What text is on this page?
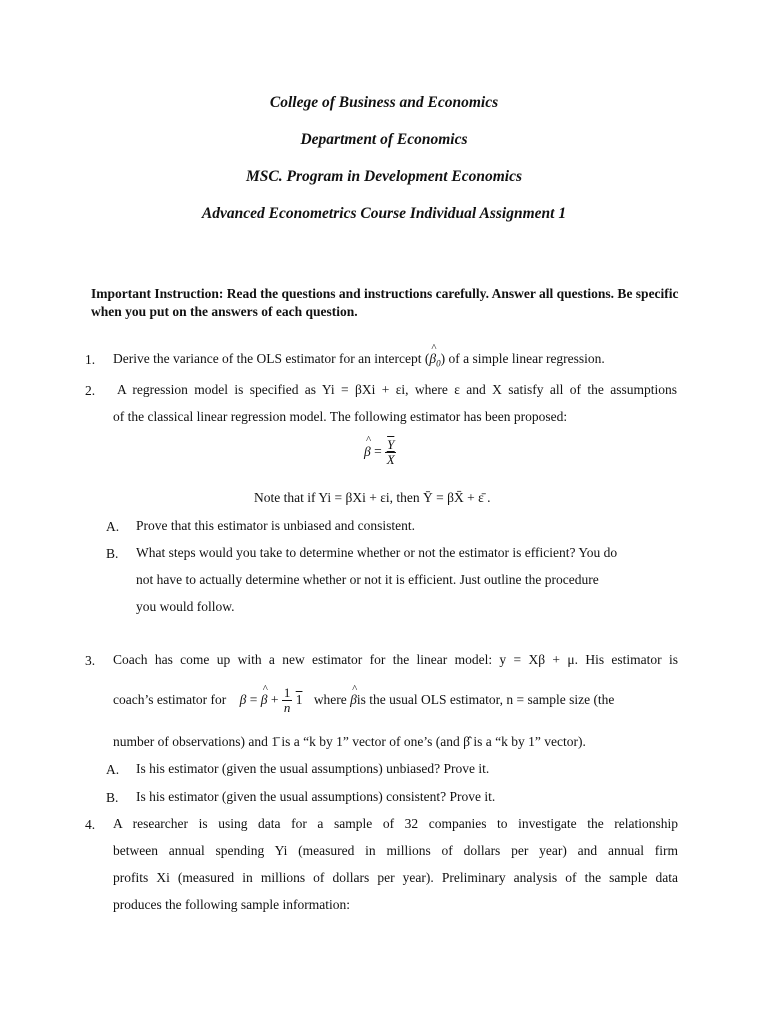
College of Business and Economics
Department of Economics
MSC. Program in Development Economics
Advanced Econometrics Course Individual Assignment 1
Important Instruction: Read the questions and instructions carefully. Answer all questions. Be specific when you put on the answers of each question.
1. Derive the variance of the OLS estimator for an intercept (^ $\beta_0$) of a simple linear regression.
2. A regression model is specified as Yi = βXi + εi, where ε and X satisfy all of the assumptions
of the classical linear regression model. The following estimator has been proposed:
^ $\beta = \frac{\overline{Y}}{X}$
Note that if Yi = βXi + εi, then Ȳ = βX̄ + ε̄ .
A. Prove that this estimator is unbiased and consistent.
B. What steps would you take to determine whether or not the estimator is efficient? You do
not have to actually determine whether or not it is efficient. Just outline the procedure
you would follow.
3. Coach has come up with a new estimator for the linear model: y = Xβ + μ. His estimator is
coach’s estimator for β = ^ $\beta + \frac{1}{n} 1$ where ^ βis the usual OLS estimator, n = sample size (the
number of observations) and 1̄ is a “k by 1” vector of one’s (and β̂ is a “k by 1” vector).
A. Is his estimator (given the usual assumptions) unbiased? Prove it.
B. Is his estimator (given the usual assumptions) consistent? Prove it.
4. A researcher is using data for a sample of 32 companies to investigate the relationship
between annual spending Yi (measured in millions of dollars per year) and annual firm
profits Xi (measured in millions of dollars per year). Preliminary analysis of the sample data
produces the following sample information:
